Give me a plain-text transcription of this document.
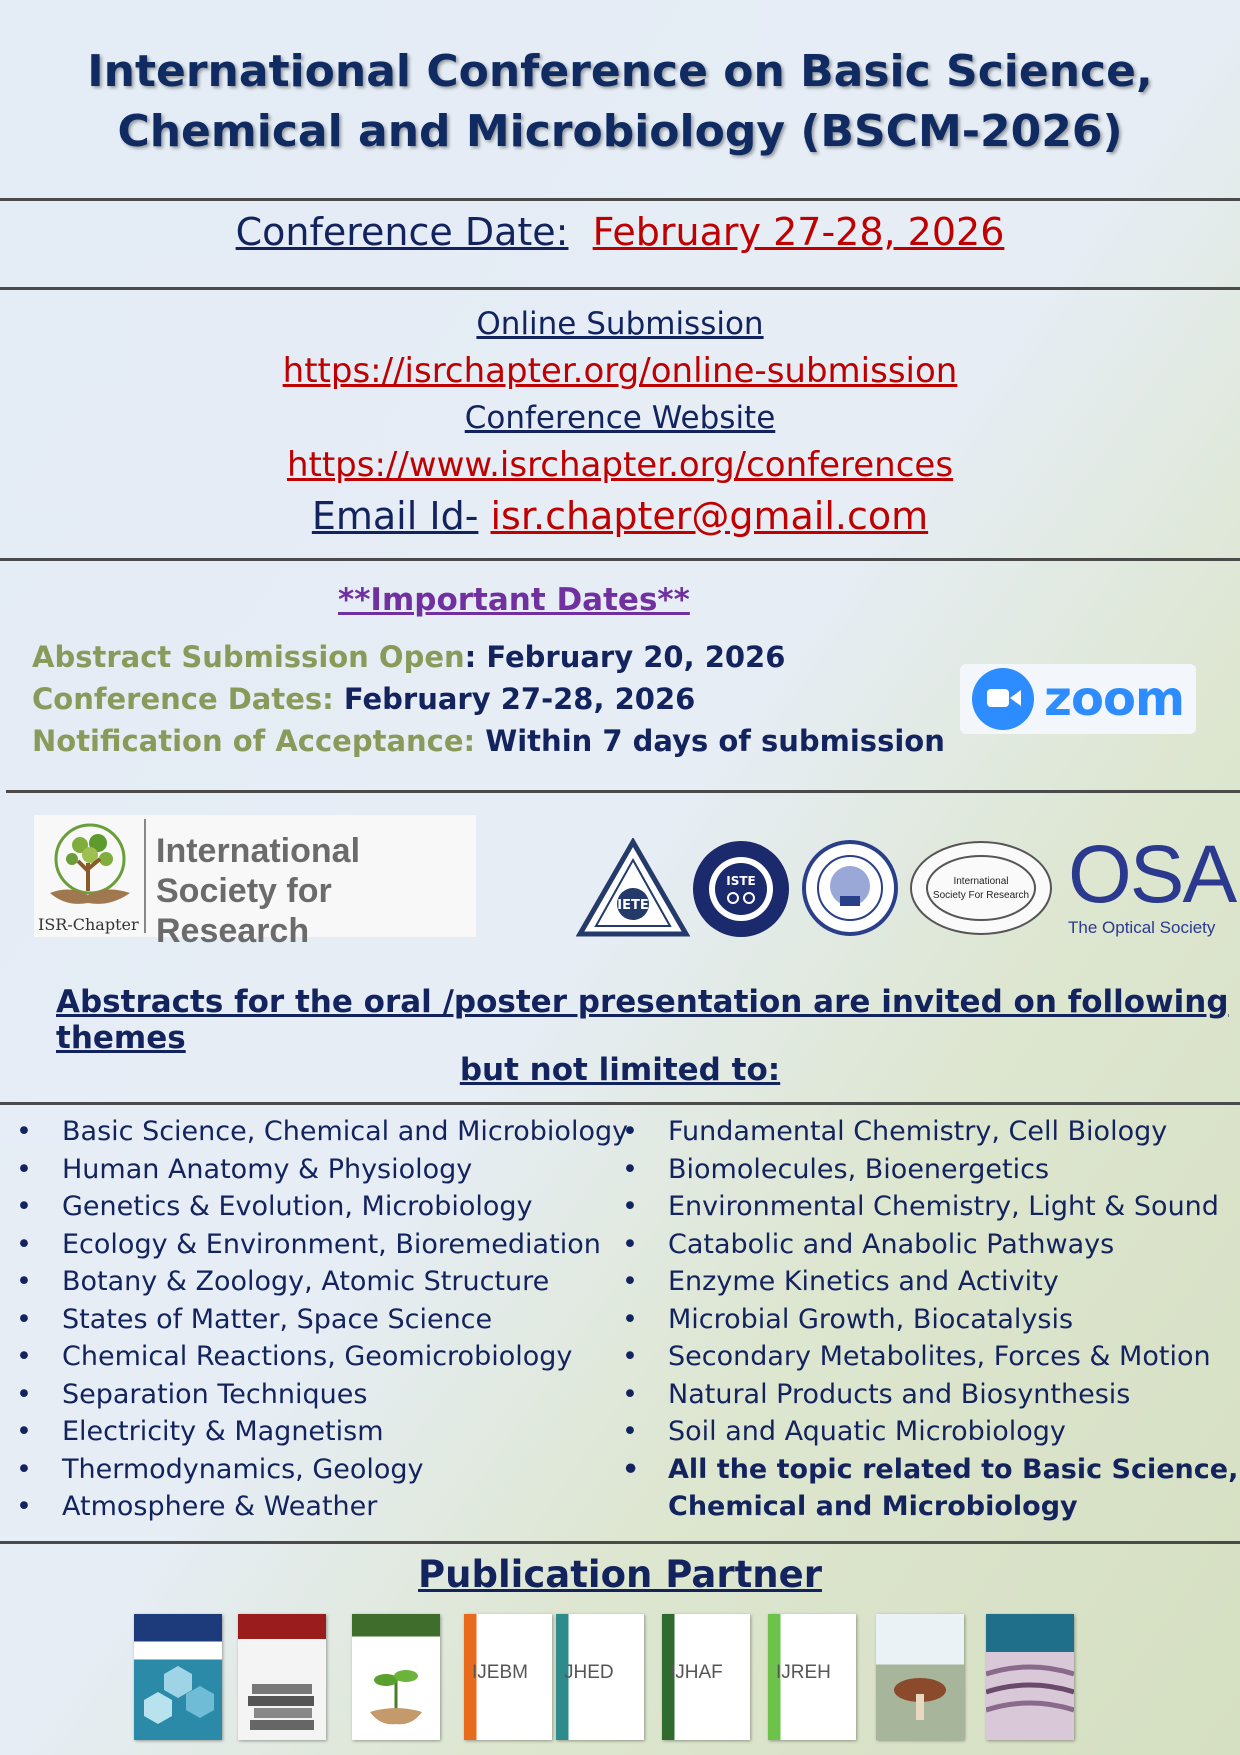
International Conference on Basic Science,
Chemical and Microbiology (BSCM-2026)
Conference Date: February 27-28, 2026
Online Submission
https://isrchapter.org/online-submission
Conference Website
https://www.isrchapter.org/conferences
Email Id- isr.chapter@gmail.com
**Important Dates**
Abstract Submission Open: February 20, 2026
Conference Dates: February 27-28, 2026
Notification of Acceptance: Within 7 days of submission
zoom
ISR-Chapter
International
Society for Research
IETE
ISTE	International
Society For Research OSA
The Optical Society
Abstracts for the oral /poster presentation are invited on following themes
but not limited to:
• Basic Science, Chemical and Microbiology
• Human Anatomy & Physiology
• Genetics & Evolution, Microbiology
• Ecology & Environment, Bioremediation
• Botany & Zoology, Atomic Structure
• States of Matter, Space Science
• Chemical Reactions, Geomicrobiology
• Separation Techniques
• Electricity & Magnetism
• Thermodynamics, Geology
• Atmosphere & Weather
• Fundamental Chemistry, Cell Biology
• Biomolecules, Bioenergetics
• Environmental Chemistry, Light & Sound
• Catabolic and Anabolic Pathways
• Enzyme Kinetics and Activity
• Microbial Growth, Biocatalysis
• Secondary Metabolites, Forces & Motion
• Natural Products and Biosynthesis
• Soil and Aquatic Microbiology
• All the topic related to Basic Science,
Chemical and Microbiology
Publication Partner
IJEBM	JHED	IJHAF	IJREH
